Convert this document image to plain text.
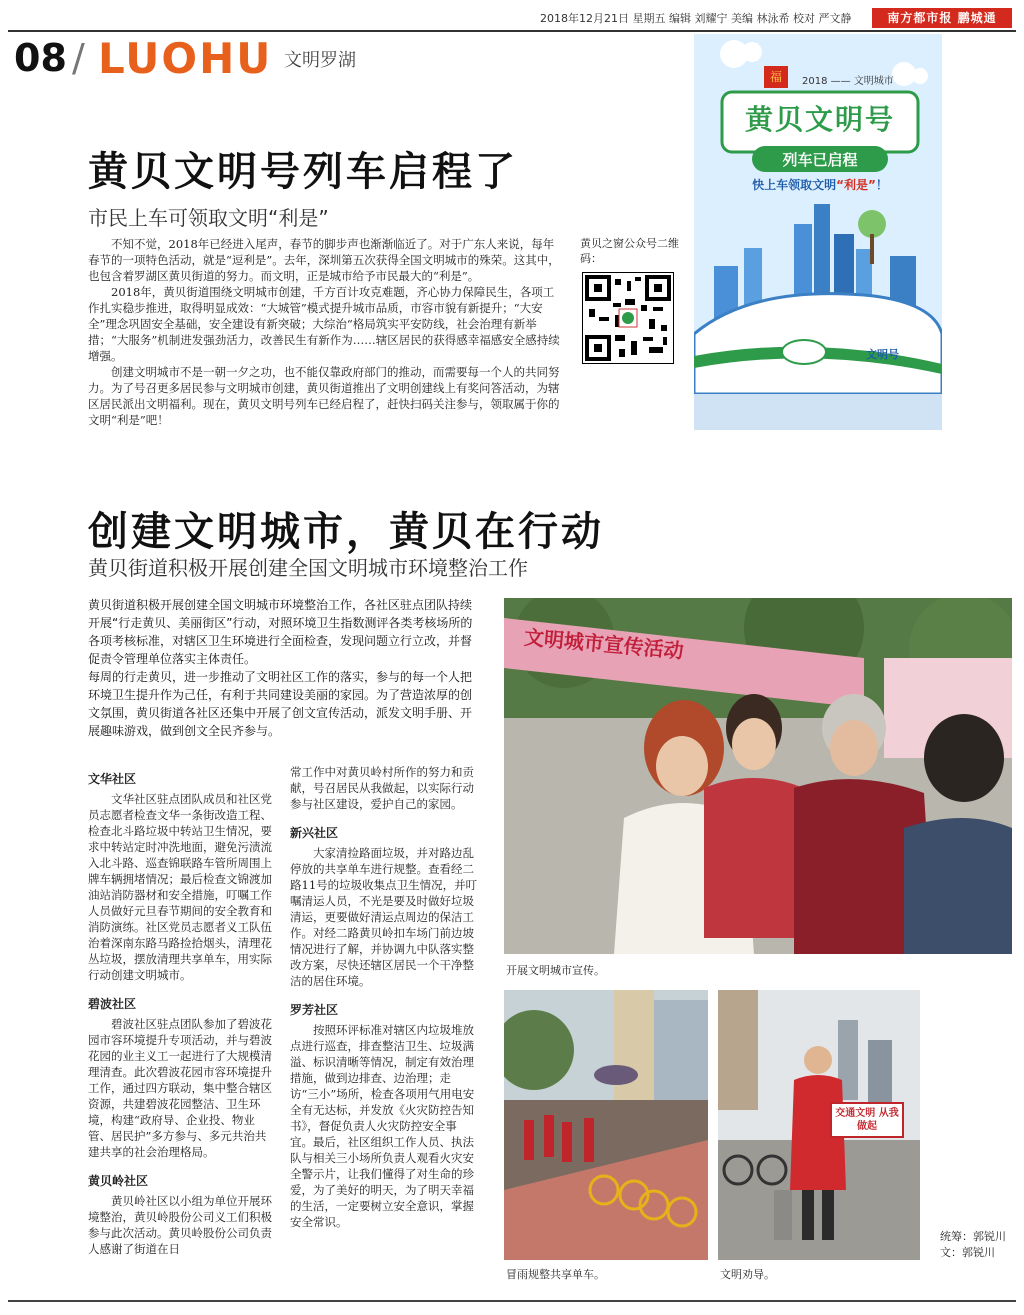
2018年12月21日 星期五 编辑 刘耀宁 美编 林泳希 校对 严文静	南方都市报 鹏城通
08 / LUOHU 文明罗湖
黄贝文明号列车启程了
市民上车可领取文明“利是”

不知不觉，2018年已经进入尾声，春节的脚步声也渐渐临近了。对于广东人来说，每年春节的一项特色活动，就是“逗利是”。去年，深圳第五次获得全国文明城市的殊荣。这其中，也包含着罗湖区黄贝街道的努力。而文明，正是城市给予市民最大的“利是”。

2018年，黄贝街道围绕文明城市创建，千方百计攻克难题，齐心协力保障民生，各项工作扎实稳步推进，取得明显成效：“大城管”模式提升城市品质，市容市貌有新提升；“大安全”理念巩固安全基础，安全建设有新突破；大综治“格局筑实平安防线，社会治理有新举措；“大服务”机制进发强劲活力，改善民生有新作为……辖区居民的获得感幸福感安全感持续增强。

创建文明城市不是一朝一夕之功，也不能仅靠政府部门的推动，而需要每一个人的共同努力。为了号召更多居民参与文明城市创建，黄贝街道推出了文明创建线上有奖问答活动，为辖区居民派出文明福利。现在，黄贝文明号列车已经启程了，赶快扫码关注参与，领取属于你的文明“利是”吧！

黄贝之窗公众号二维码：
福	2018 —— 文明城市
黄贝文明号
列车已启程
快上车领取文明“利是”！
文明号
创建文明城市，黄贝在行动
黄贝街道积极开展创建全国文明城市环境整治工作

黄贝街道积极开展创建全国文明城市环境整治工作，各社区驻点团队持续开展“行走黄贝、美丽街区”行动，对照环境卫生指数测评各类考核场所的各项考核标准，对辖区卫生环境进行全面检查，发现问题立行立改，并督促责令管理单位落实主体责任。

每周的行走黄贝，进一步推动了文明社区工作的落实，参与的每一个人把环境卫生提升作为己任，有利于共同建设美丽的家园。为了营造浓厚的创文氛围，黄贝街道各社区还集中开展了创文宣传活动，派发文明手册、开展趣味游戏，做到创文全民齐参与。

文华社区

文华社区驻点团队成员和社区党员志愿者检查文华一条街改造工程、检查北斗路垃圾中转站卫生情况，要求中转站定时冲洗地面，避免污渍流入北斗路、巡查锦联路车管所周围上牌车辆拥堵情况；最后检查文锦渡加油站消防器材和安全措施，叮嘱工作人员做好元旦春节期间的安全教育和消防演练。社区党员志愿者义工队伍治着深南东路马路捡拾烟头，清理花丛垃圾，摆放清理共享单车，用实际行动创建文明城市。

碧波社区

碧波社区驻点团队参加了碧波花园市容环境提升专项活动，并与碧波花园的业主义工一起进行了大规模清理清查。此次碧波花园市容环境提升工作，通过四方联动，集中整合辖区资源，共建碧波花园整洁、卫生环境，构建“政府导、企业投、物业管、居民护”多方参与、多元共治共建共享的社会治理格局。

黄贝岭社区

黄贝岭社区以小组为单位开展环境整治，黄贝岭股份公司义工们积极参与此次活动。黄贝岭股份公司负责人感谢了街道在日

常工作中对黄贝岭村所作的努力和贡献，号召居民从我做起，以实际行动参与社区建设，爱护自己的家园。

新兴社区

大家清捡路面垃圾，并对路边乱停放的共享单车进行规整。查看经二路11号的垃圾收集点卫生情况，并叮嘱清运人员，不光是要及时做好垃圾清运，更要做好清运点周边的保洁工作。对经二路黄贝岭扣车场门前边坡情况进行了解，并协调九中队落实整改方案，尽快还辖区居民一个干净整洁的居住环境。

罗芳社区

按照环评标准对辖区内垃圾堆放点进行巡查，排查整洁卫生、垃圾满溢、标识清晰等情况，制定有效治理措施，做到边排查、边治理；走访“三小”场所，检查各项用气用电安全有无达标，并发放《火灾防控告知书》，督促负责人火灾防控安全事宜。最后，社区组织工作人员、执法队与相关三小场所负责人观看火灾安全警示片，让我们懂得了对生命的珍爱，为了美好的明天，为了明天幸福的生活，一定要树立安全意识，掌握安全常识。

文明城市宣传活动
开展文明城市宣传。
冒雨规整共享单车。
交通文明 从我做起
文明劝导。
统筹：郭锐川
文：郭锐川
